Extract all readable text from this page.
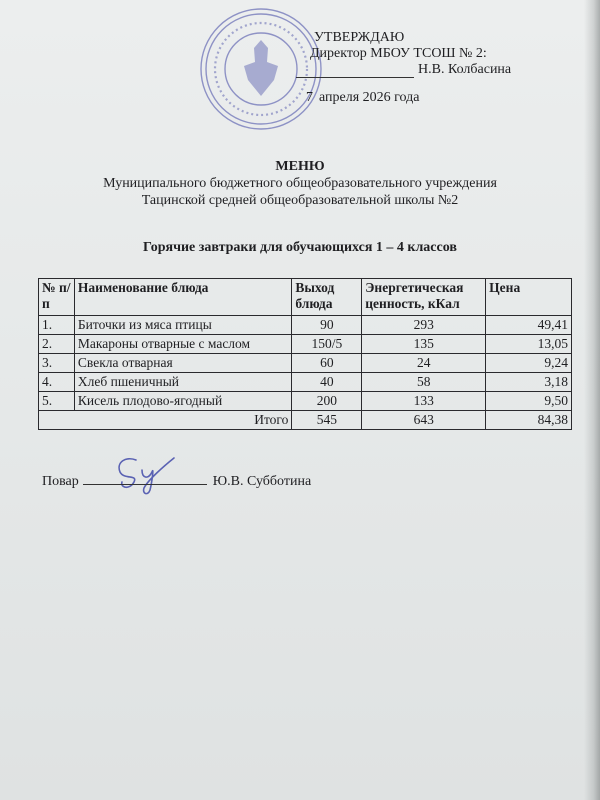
УТВЕРЖДАЮ
Директор МБОУ ТСОШ № 2:
Н.В. Колбасина
7 апреля 2026 года
МЕНЮ
Муниципального бюджетного общеобразовательного учреждения
Тацинской средней общеобразовательной школы №2
Горячие завтраки для обучающихся 1 – 4 классов
№ п/п	Наименование блюда	Выход блюда	Энергетическая ценность, кКал	Цена
1.	Биточки из мяса птицы	90	293	49,41
2.	Макароны отварные с маслом	150/5	135	13,05
3.	Свекла отварная	60	24	9,24
4.	Хлеб пшеничный	40	58	3,18
5.	Кисель плодово-ягодный	200	133	9,50
Итого		545	643	84,38
Повар	Ю.В. Субботина
